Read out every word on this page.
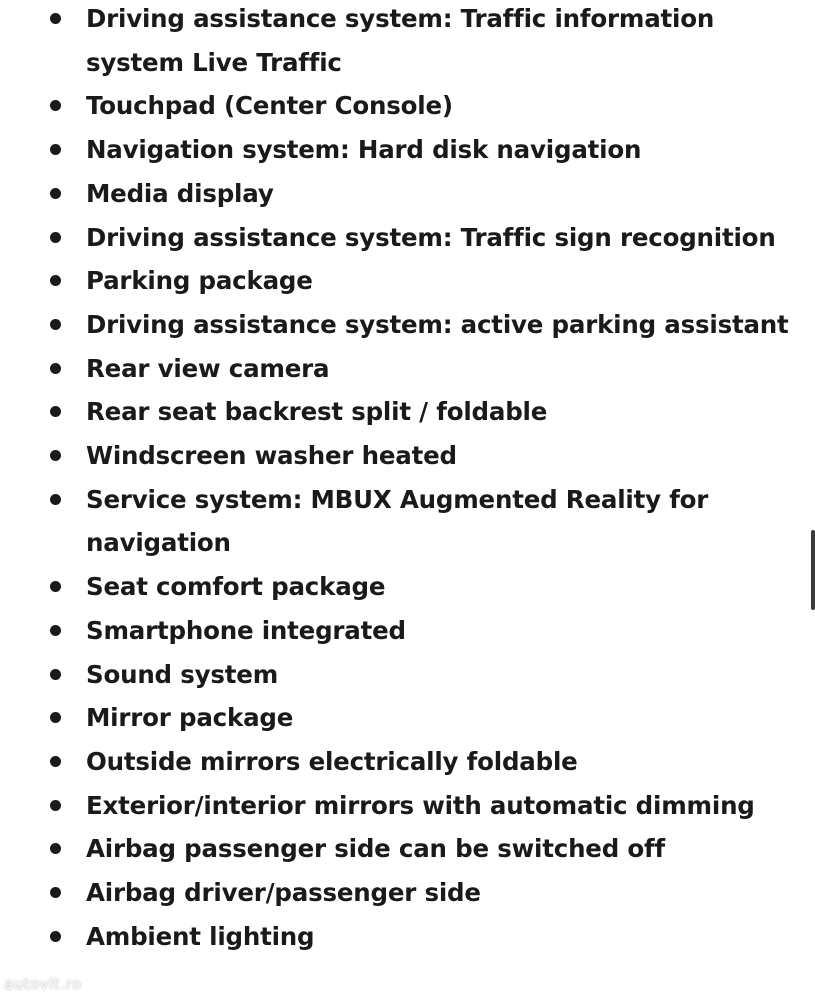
Driving assistance system: Traffic information system Live Traffic
Touchpad (Center Console)
Navigation system: Hard disk navigation
Media display
Driving assistance system: Traffic sign recognition
Parking package
Driving assistance system: active parking assistant
Rear view camera
Rear seat backrest split / foldable
Windscreen washer heated
Service system: MBUX Augmented Reality for navigation
Seat comfort package
Smartphone integrated
Sound system
Mirror package
Outside mirrors electrically foldable
Exterior/interior mirrors with automatic dimming
Airbag passenger side can be switched off
Airbag driver/passenger side
Ambient lighting
autovit.ro
